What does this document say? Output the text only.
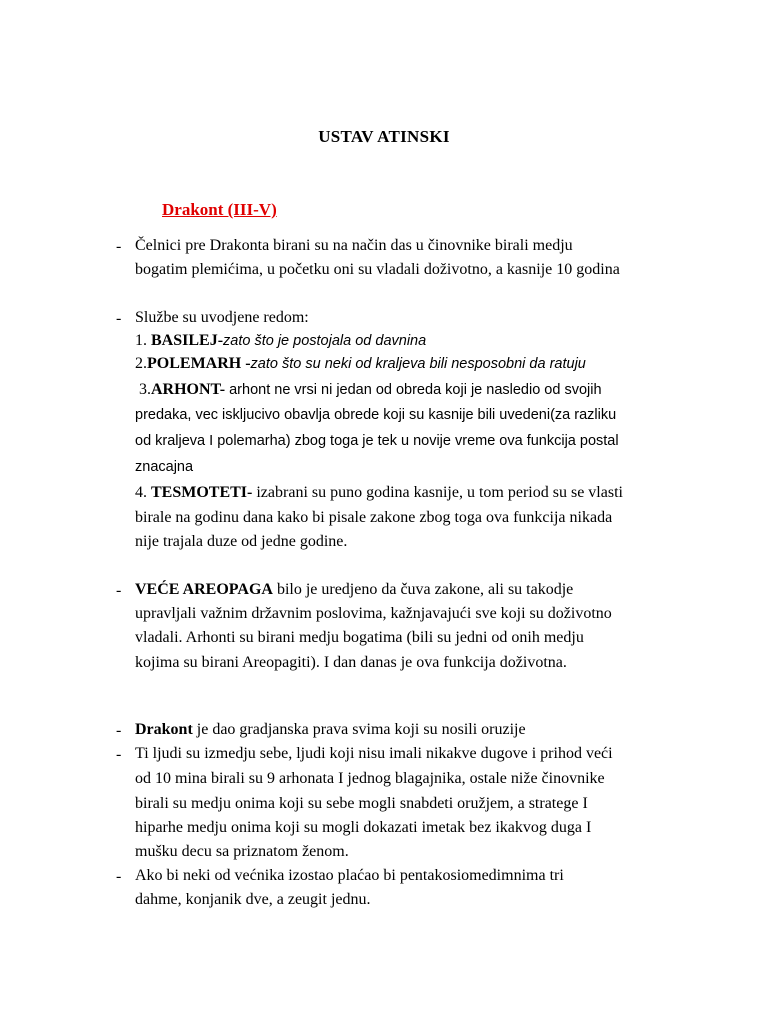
USTAV ATINSKI
Drakont (III-V)
- Čelnici pre Drakonta birani su na način das u činovnike birali medju
bogatim plemićima, u početku oni su vladali doživotno, a kasnije 10 godina
- Službe su uvodjene redom:
1. BASILEJ-zato što je postojala od davnina
2.POLEMARH -zato što su neki od kraljeva bili nesposobni da ratuju
3.ARHONT- arhont ne vrsi ni jedan od obreda koji je nasledio od svojih
predaka, vec iskljucivo obavlja obrede koji su kasnije bili uvedeni(za razliku
od kraljeva I polemarha) zbog toga je tek u novije vreme ova funkcija postal
znacajna
4. TESMOTETI- izabrani su puno godina kasnije, u tom period su se vlasti
birale na godinu dana kako bi pisale zakone zbog toga ova funkcija nikada
nije trajala duze od jedne godine.
- VEĆE AREOPAGA bilo je uredjeno da čuva zakone, ali su takodje
upravljali važnim državnim poslovima, kažnjavajući sve koji su doživotno
vladali. Arhonti su birani medju bogatima (bili su jedni od onih medju
kojima su birani Areopagiti). I dan danas je ova funkcija doživotna.
- Drakont je dao gradjanska prava svima koji su nosili oruzije
- Ti ljudi su izmedju sebe, ljudi koji nisu imali nikakve dugove i prihod veći
od 10 mina birali su 9 arhonata I jednog blagajnika, ostale niže činovnike
birali su medju onima koji su sebe mogli snabdeti oružjem, a stratege I
hiparhe medju onima koji su mogli dokazati imetak bez ikakvog duga I
mušku decu sa priznatom ženom.
- Ako bi neki od većnika izostao plaćao bi pentakosiomedimnima tri
dahme, konjanik dve, a zeugit jednu.
